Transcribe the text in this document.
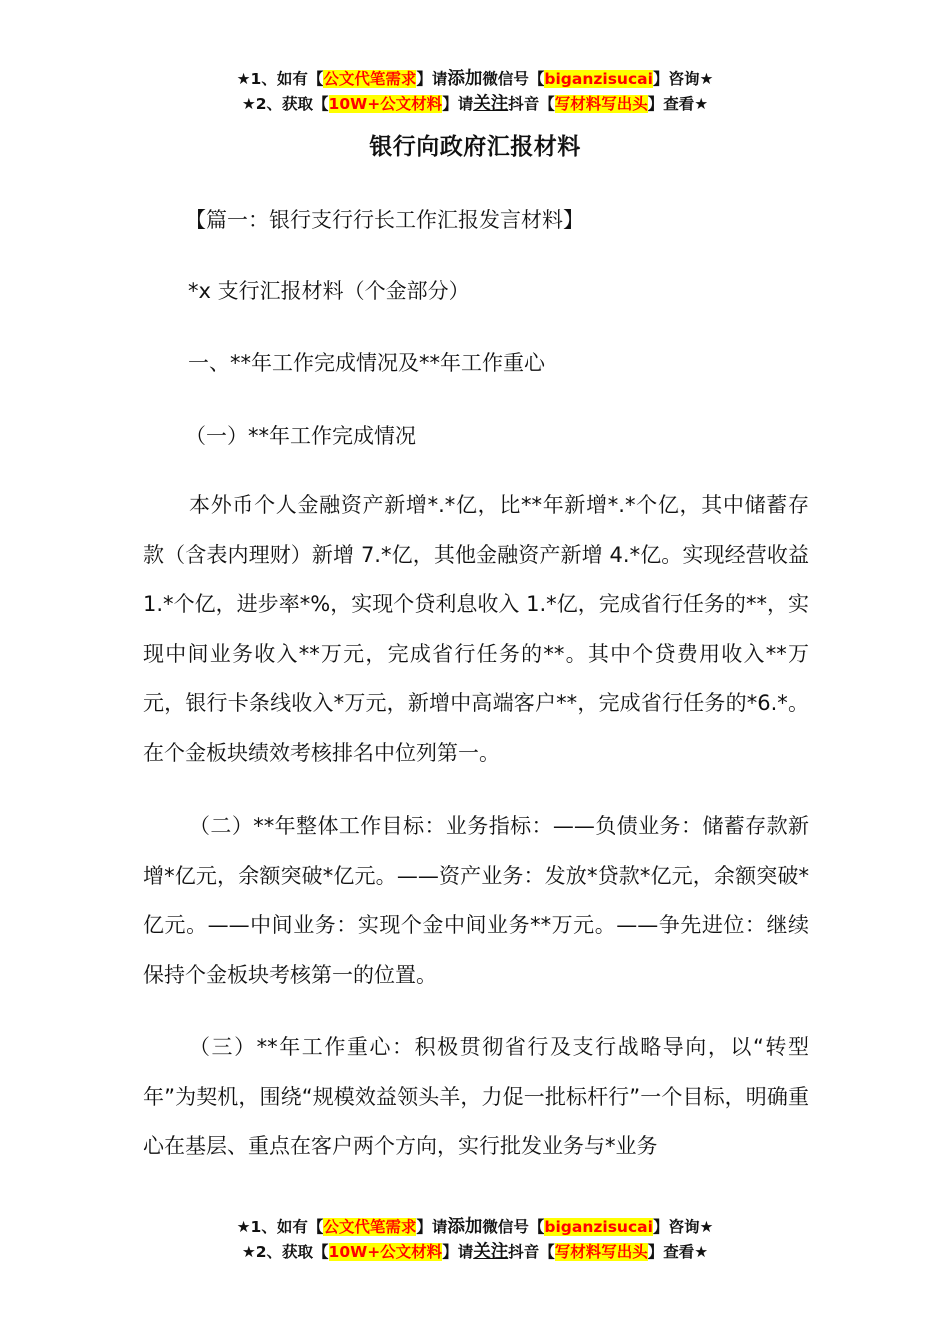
★1、如有【公文代笔需求】请添加微信号【biganzisucai】咨询★
★2、获取【10W+公文材料】请关注抖音【写材料写出头】查看★
银行向政府汇报材料
【篇一：银行支行行长工作汇报发言材料】
*x 支行汇报材料（个金部分）
一、**年工作完成情况及**年工作重心
（一）**年工作完成情况
本外币个人金融资产新增*.*亿，比**年新增*.*个亿，其中储蓄存款（含表内理财）新增 7.*亿，其他金融资产新增 4.*亿。实现经营收益 1.*个亿，进步率*%，实现个贷利息收入 1.*亿，完成省行任务的**，实现中间业务收入**万元，完成省行任务的**。其中个贷费用收入**万元，银行卡条线收入*万元，新增中高端客户**，完成省行任务的*6.*。在个金板块绩效考核排名中位列第一。
（二）**年整体工作目标：业务指标：——负债业务：储蓄存款新增*亿元，余额突破*亿元。——资产业务：发放*贷款*亿元，余额突破*亿元。——中间业务：实现个金中间业务**万元。——争先进位：继续保持个金板块考核第一的位置。
（三）**年工作重心：积极贯彻省行及支行战略导向，以“转型年”为契机，围绕“规模效益领头羊，力促一批标杆行”一个目标，明确重心在基层、重点在客户两个方向，实行批发业务与*业务
★1、如有【公文代笔需求】请添加微信号【biganzisucai】咨询★
★2、获取【10W+公文材料】请关注抖音【写材料写出头】查看★
